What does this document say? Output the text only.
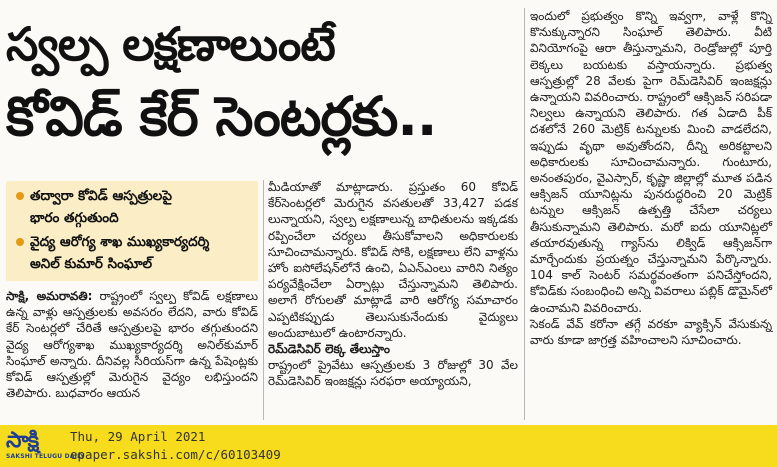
స్వల్ప లక్షణాలుంటే
కోవిడ్ కేర్ సెంటర్లకు..
తద్వారా కోవిడ్ ఆస్పత్రులపై
భారం తగ్గుతుంది
వైద్య ఆరోగ్య శాఖ ముఖ్యకార్యదర్శి
అనిల్ కుమార్ సింఘాల్

సాక్షి, అమరావతి: రాష్ట్రంలో స్వల్ప కోవిడ్ లక్షణాలు ఉన్న వాళ్లు ఆస్పత్రులకు అవసరం లేదని, వారు కోవిడ్ కేర్ సెంటర్లలో చేరితే ఆస్పత్రులపై భారం తగ్గుతుందని వైద్య ఆరోగ్యశాఖ ముఖ్యకార్యదర్శి అనిల్‌కుమార్ సింఘాల్ అన్నారు. దీనివల్ల సీరియస్‌గా ఉన్న పేషెంట్లకు కోవిడ్ ఆస్పత్రుల్లో మెరుగైన వైద్యం లభిస్తుందని తెలిపారు. బుధవారం ఆయన

మీడియాతో మాట్లాడారు. ప్రస్తుతం 60 కోవిడ్ కేర్‌సెంటర్లలో మెరుగైన వసతులతో 33,427 పడక లున్నాయని, స్వల్ప లక్షణాలున్న బాధితులను ఇక్కడకు రప్పించేలా చర్యలు తీసుకోవాలని అధికారులకు సూచించామన్నారు. కోవిడ్ సోకి, లక్షణాలు లేని వాళ్లను హోం ఐసోలేషన్‌లోనే ఉంచి, ఏఎన్‌ఎంలు వారిని నిత్యం పర్యవేక్షించేలా ఏర్పాట్లు చేస్తున్నామని తెలిపారు. అలాగే రోగులతో మాట్లాడే వారి ఆరోగ్య సమాచారం ఎప్పటికప్పుడు తెలుసుకునేందుకు వైద్యులు అందుబాటులో ఉంటారన్నారు.

రెమ్‌డెసివిర్‌ లెక్క తేలుస్తాం

రాష్ట్రంలో ప్రైవేటు ఆస్పత్రులకు 3 రోజుల్లో 30 వేల రెమ్‌డెసివిర్ ఇంజక్షన్లు సరఫరా అయ్యాయని,

ఇందులో ప్రభుత్వం కొన్ని ఇవ్వగా, వాళ్లే కొన్ని కొనుక్కున్నారని సింఘాల్ తెలిపారు. వీటి వినియోగంపై ఆరా తీస్తున్నామని, రెండ్రోజుల్లో పూర్తి లెక్కలు బయటకు వస్తాయన్నారు. ప్రభుత్వ ఆస్పత్రుల్లో 28 వేలకు పైగా రెమ్‌డెసివిర్ ఇంజక్షన్లు ఉన్నాయని వివరించారు. రాష్ట్రంలో ఆక్సిజన్ సరిపడా నిల్వలు ఉన్నాయని తెలిపారు. గత ఏడాది పీక్ దశలోనే 260 మెట్రిక్ టన్నులకు మించి వాడలేదని, ఇప్పుడు వృథా అవుతోందని, దీన్ని అరికట్టాలని అధికారులకు సూచించామన్నారు. గుంటూరు, అనంతపురం, వైఎస్సార్, కృష్ణా జిల్లాల్లో మూత పడిన ఆక్సిజన్ యూనిట్లను పునరుద్ధరించి 20 మెట్రిక్ టన్నుల ఆక్సిజన్ ఉత్పత్తి చేసేలా చర్యలు తీసుకున్నామని తెలిపారు. మరో ఐదు యూనిట్లలో తయారవుతున్న గ్యాస్‌ను లిక్విడ్ ఆక్సిజన్‌గా మార్చేందుకు ప్రయత్నం చేస్తున్నామని పేర్కొన్నారు. 104 కాల్ సెంటర్ సమర్థవంతంగా పనిచేస్తోందని, కోవిడ్‌కు సంబంధించి అన్ని వివరాలు పబ్లిక్ డొమైన్‌లో ఉంచామని వివరించారు.

సెకండ్ వేవ్ కరోనా తగ్గే వరకూ వ్యాక్సిన్ వేసుకున్న వారు కూడా జాగ్రత్త వహించాలని సూచించారు.

సాక్షి
SAKSHI TELUGU DAILY
Thu, 29 April 2021
epaper.sakshi.com/c/60103409
